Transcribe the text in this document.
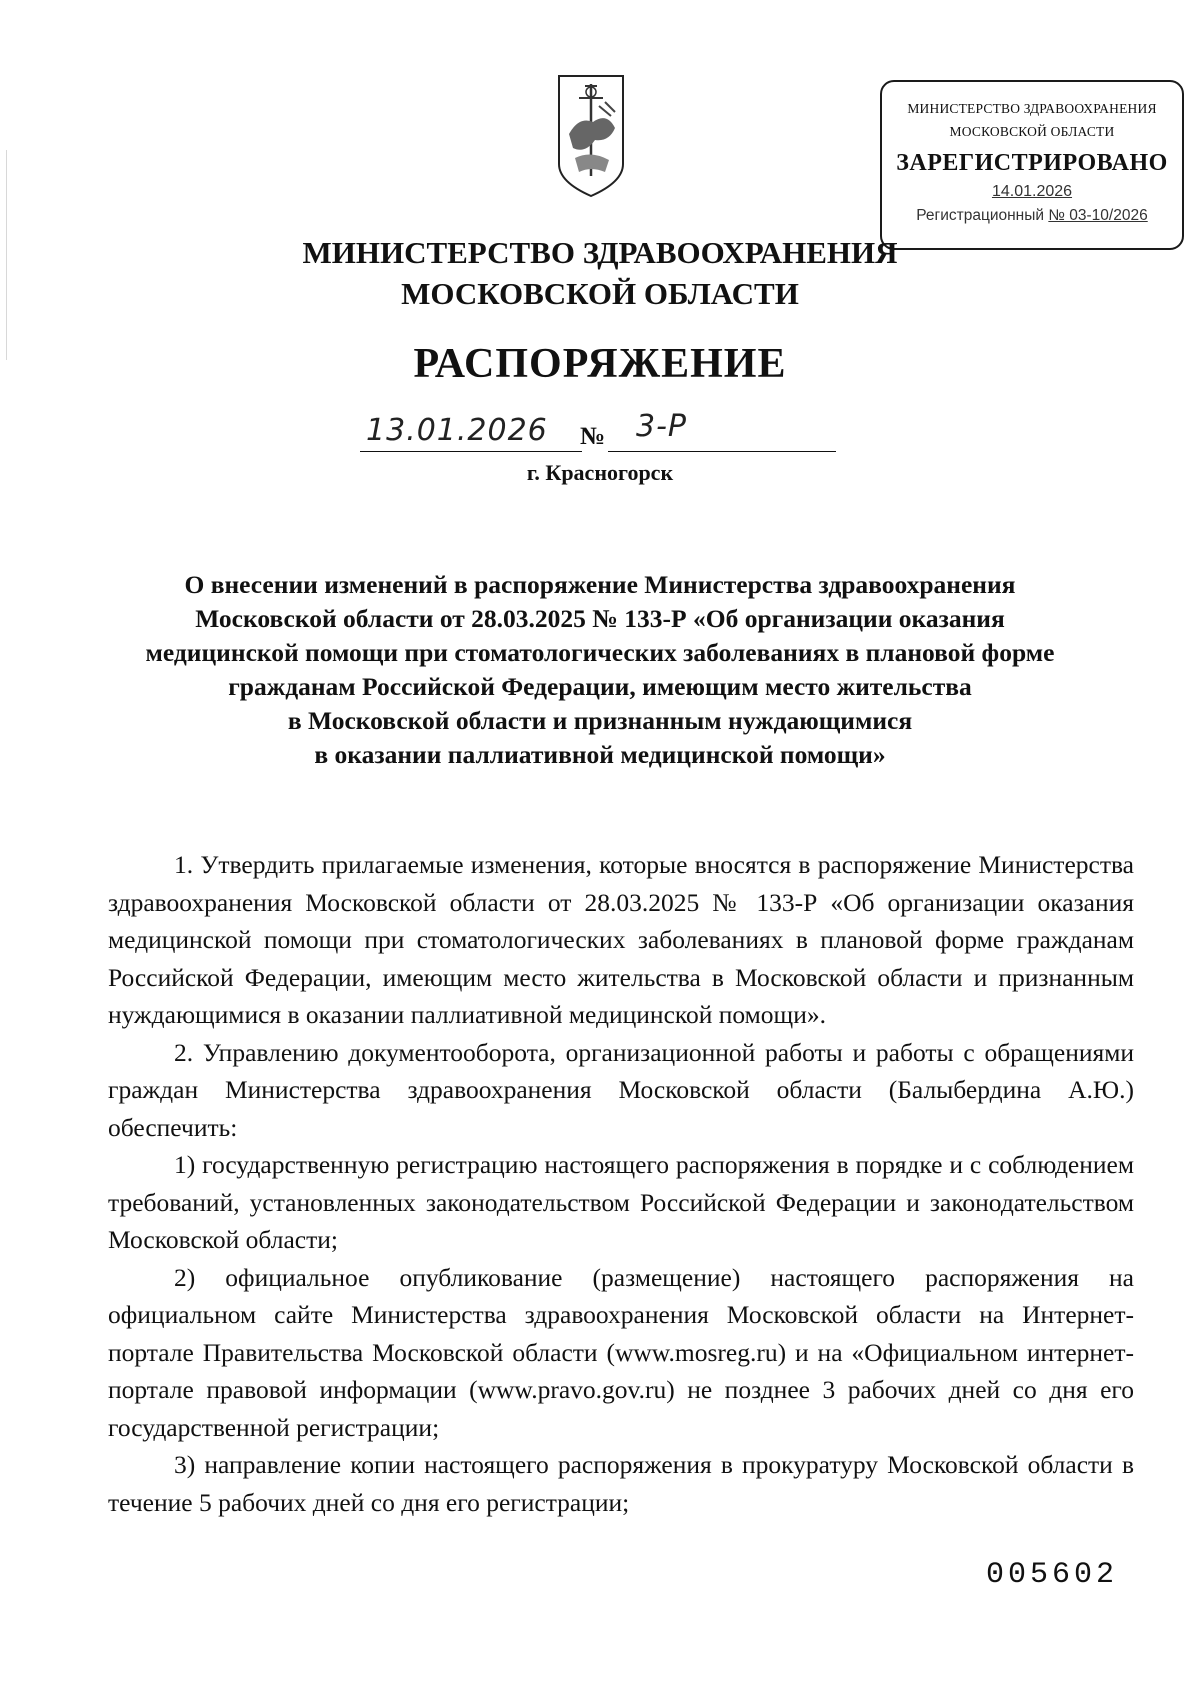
МИНИСТЕРСТВО ЗДРАВООХРАНЕНИЯ
МОСКОВСКОЙ ОБЛАСТИ
ЗАРЕГИСТРИРОВАНО
14.01.2026
Регистрационный № 03-10/2026
МИНИСТЕРСТВО ЗДРАВООХРАНЕНИЯ
МОСКОВСКОЙ ОБЛАСТИ
РАСПОРЯЖЕНИЕ
13.01.2026 № 3-Р
г. Красногорск
О внесении изменений в распоряжение Министерства здравоохранения
Московской области от 28.03.2025 № 133-Р «Об организации оказания
медицинской помощи при стоматологических заболеваниях в плановой форме
гражданам Российской Федерации, имеющим место жительства
в Московской области и признанным нуждающимися
в оказании паллиативной медицинской помощи»

1. Утвердить прилагаемые изменения, которые вносятся в распоряжение Министерства здравоохранения Московской области от 28.03.2025 № 133-Р «Об организации оказания медицинской помощи при стоматологических заболеваниях в плановой форме гражданам Российской Федерации, имеющим место жительства в Московской области и признанным нуждающимися в оказании паллиативной медицинской помощи».

2. Управлению документооборота, организационной работы и работы с обращениями граждан Министерства здравоохранения Московской области (Балыбердина А.Ю.) обеспечить:

1) государственную регистрацию настоящего распоряжения в порядке и с соблюдением требований, установленных законодательством Российской Федерации и законодательством Московской области;

2) официальное опубликование (размещение) настоящего распоряжения на официальном сайте Министерства здравоохранения Московской области на Интернет-портале Правительства Московской области (www.mosreg.ru) и на «Официальном интернет-портале правовой информации (www.pravo.gov.ru) не позднее 3 рабочих дней со дня его государственной регистрации;

3) направление копии настоящего распоряжения в прокуратуру Московской области в течение 5 рабочих дней со дня его регистрации;

005602
